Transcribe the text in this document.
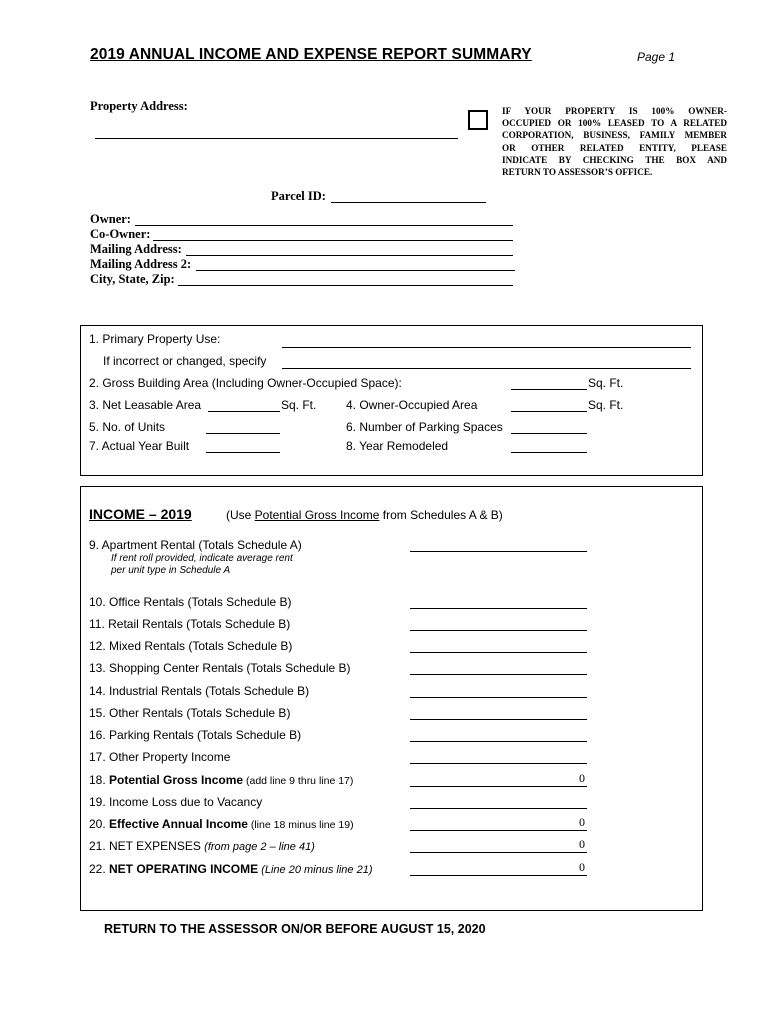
2019 ANNUAL INCOME AND EXPENSE REPORT SUMMARY	Page 1
Property Address:	IF YOUR PROPERTY IS 100% OWNER-
OCCUPIED OR 100% LEASED TO A RELATED
CORPORATION, BUSINESS, FAMILY MEMBER
OR OTHER RELATED ENTITY, PLEASE
INDICATE BY CHECKING THE BOX AND
RETURN TO ASSESSOR’S OFFICE.
Parcel ID:
Owner:
Co-Owner:
Mailing Address:
Mailing Address 2:
City, State, Zip:
1. Primary Property Use:
If incorrect or changed, specify
2. Gross Building Area (Including Owner-Occupied Space):	Sq. Ft.
3. Net Leasable Area	Sq. Ft. 4. Owner-Occupied Area	Sq. Ft.
5. No. of Units	6. Number of Parking Spaces
7. Actual Year Built	8. Year Remodeled
INCOME – 2019	(Use Potential Gross Income from Schedules A & B)
9. Apartment Rental (Totals Schedule A)
If rent roll provided, indicate average rent
per unit type in Schedule A
10. Office Rentals (Totals Schedule B)
11. Retail Rentals (Totals Schedule B)
12. Mixed Rentals (Totals Schedule B)
13. Shopping Center Rentals (Totals Schedule B)
14. Industrial Rentals (Totals Schedule B)
15. Other Rentals (Totals Schedule B)
16. Parking Rentals (Totals Schedule B)
17. Other Property Income
18. Potential Gross Income (add line 9 thru line 17)	0
19. Income Loss due to Vacancy
20. Effective Annual Income (line 18 minus line 19)	0
21. NET EXPENSES (from page 2 – line 41)	0
22. NET OPERATING INCOME (Line 20 minus line 21)	0
RETURN TO THE ASSESSOR ON/OR BEFORE AUGUST 15, 2020
